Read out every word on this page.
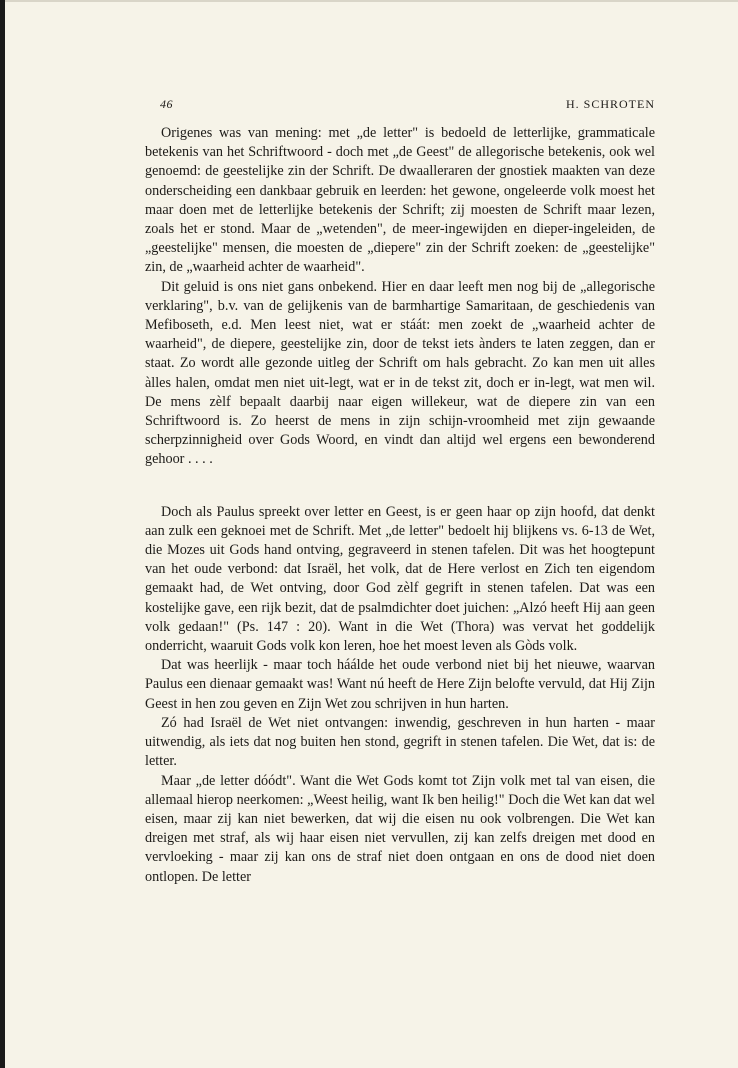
46	H. SCHROTEN

Origenes was van mening: met „de letter" is bedoeld de letterlijke, grammaticale betekenis van het Schriftwoord - doch met „de Geest" de allegorische betekenis, ook wel genoemd: de geestelijke zin der Schrift. De dwaalleraren der gnostiek maakten van deze onderscheiding een dankbaar gebruik en leerden: het gewone, ongeleerde volk moest het maar doen met de letterlijke betekenis der Schrift; zij moesten de Schrift maar lezen, zoals het er stond. Maar de „wetenden", de meer-ingewijden en dieper-ingeleiden, de „geestelijke" mensen, die moesten de „diepere" zin der Schrift zoeken: de „geestelijke" zin, de „waarheid achter de waarheid".

Dit geluid is ons niet gans onbekend. Hier en daar leeft men nog bij de „allegorische verklaring", b.v. van de gelijkenis van de barmhartige Samaritaan, de geschiedenis van Mefiboseth, e.d. Men leest niet, wat er stáát: men zoekt de „waarheid achter de waarheid", de diepere, geestelijke zin, door de tekst iets ànders te laten zeggen, dan er staat. Zo wordt alle gezonde uitleg der Schrift om hals gebracht. Zo kan men uit alles àlles halen, omdat men niet uit-legt, wat er in de tekst zit, doch er in-legt, wat men wil. De mens zèlf bepaalt daarbij naar eigen willekeur, wat de diepere zin van een Schriftwoord is. Zo heerst de mens in zijn schijn-vroomheid met zijn gewaande scherpzinnigheid over Gods Woord, en vindt dan altijd wel ergens een bewonderend gehoor . . . .

Doch als Paulus spreekt over letter en Geest, is er geen haar op zijn hoofd, dat denkt aan zulk een geknoei met de Schrift. Met „de letter" bedoelt hij blijkens vs. 6-13 de Wet, die Mozes uit Gods hand ontving, gegraveerd in stenen tafelen. Dit was het hoogtepunt van het oude verbond: dat Israël, het volk, dat de Here verlost en Zich ten eigendom gemaakt had, de Wet ontving, door God zèlf gegrift in stenen tafelen. Dat was een kostelijke gave, een rijk bezit, dat de psalmdichter doet juichen: „Alzó heeft Hij aan geen volk gedaan!" (Ps. 147 : 20). Want in die Wet (Thora) was vervat het goddelijk onderricht, waaruit Gods volk kon leren, hoe het moest leven als Gòds volk.

Dat was heerlijk - maar toch háálde het oude verbond niet bij het nieuwe, waarvan Paulus een dienaar gemaakt was! Want nú heeft de Here Zijn belofte vervuld, dat Hij Zijn Geest in hen zou geven en Zijn Wet zou schrijven in hun harten.

Zó had Israël de Wet niet ontvangen: inwendig, geschreven in hun harten - maar uitwendig, als iets dat nog buiten hen stond, gegrift in stenen tafelen. Die Wet, dat is: de letter.

Maar „de letter dóódt". Want die Wet Gods komt tot Zijn volk met tal van eisen, die allemaal hierop neerkomen: „Weest heilig, want Ik ben heilig!" Doch die Wet kan dat wel eisen, maar zij kan niet bewerken, dat wij die eisen nu ook volbrengen. Die Wet kan dreigen met straf, als wij haar eisen niet vervullen, zij kan zelfs dreigen met dood en vervloeking - maar zij kan ons de straf niet doen ontgaan en ons de dood niet doen ontlopen. De letter
